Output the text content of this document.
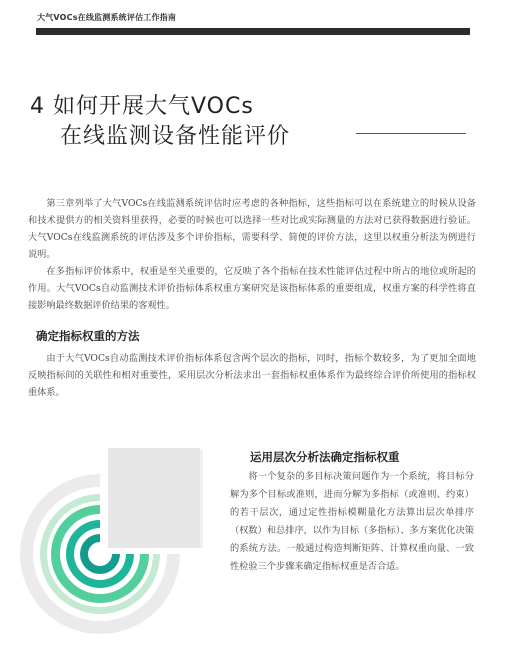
大气VOCs在线监测系统评估工作指南
4 如何开展大气VOCs
在线监测设备性能评价

第三章列举了大气VOCs在线监测系统评估时应考虑的各种指标，这些指标可以在系统建立的时候从设备和技术提供方的相关资料里获得，必要的时候也可以选择一些对比或实际测量的方法对已获得数据进行验证。大气VOCs在线监测系统的评估涉及多个评价指标，需要科学、简便的评价方法，这里以权重分析法为例进行说明。

在多指标评价体系中，权重是至关重要的，它反映了各个指标在技术性能评估过程中所占的地位或所起的作用。大气VOCs自动监测技术评价指标体系权重方案研究是该指标体系的重要组成，权重方案的科学性将直接影响最终数据评价结果的客观性。

确定指标权重的方法

由于大气VOCs自动监测技术评价指标体系包含两个层次的指标，同时，指标个数较多，为了更加全面地反映指标间的关联性和相对重要性，采用层次分析法求出一套指标权重体系作为最终综合评价所使用的指标权重体系。

运用层次分析法确定指标权重

将一个复杂的多目标决策问题作为一个系统，将目标分解为多个目标或准则，进而分解为多指标（或准则、约束）的若干层次，通过定性指标模糊量化方法算出层次单排序（权数）和总排序，以作为目标（多指标）、多方案优化决策的系统方法。一般通过构造判断矩阵、计算权重向量、一致性检验三个步骤来确定指标权重是否合适。
